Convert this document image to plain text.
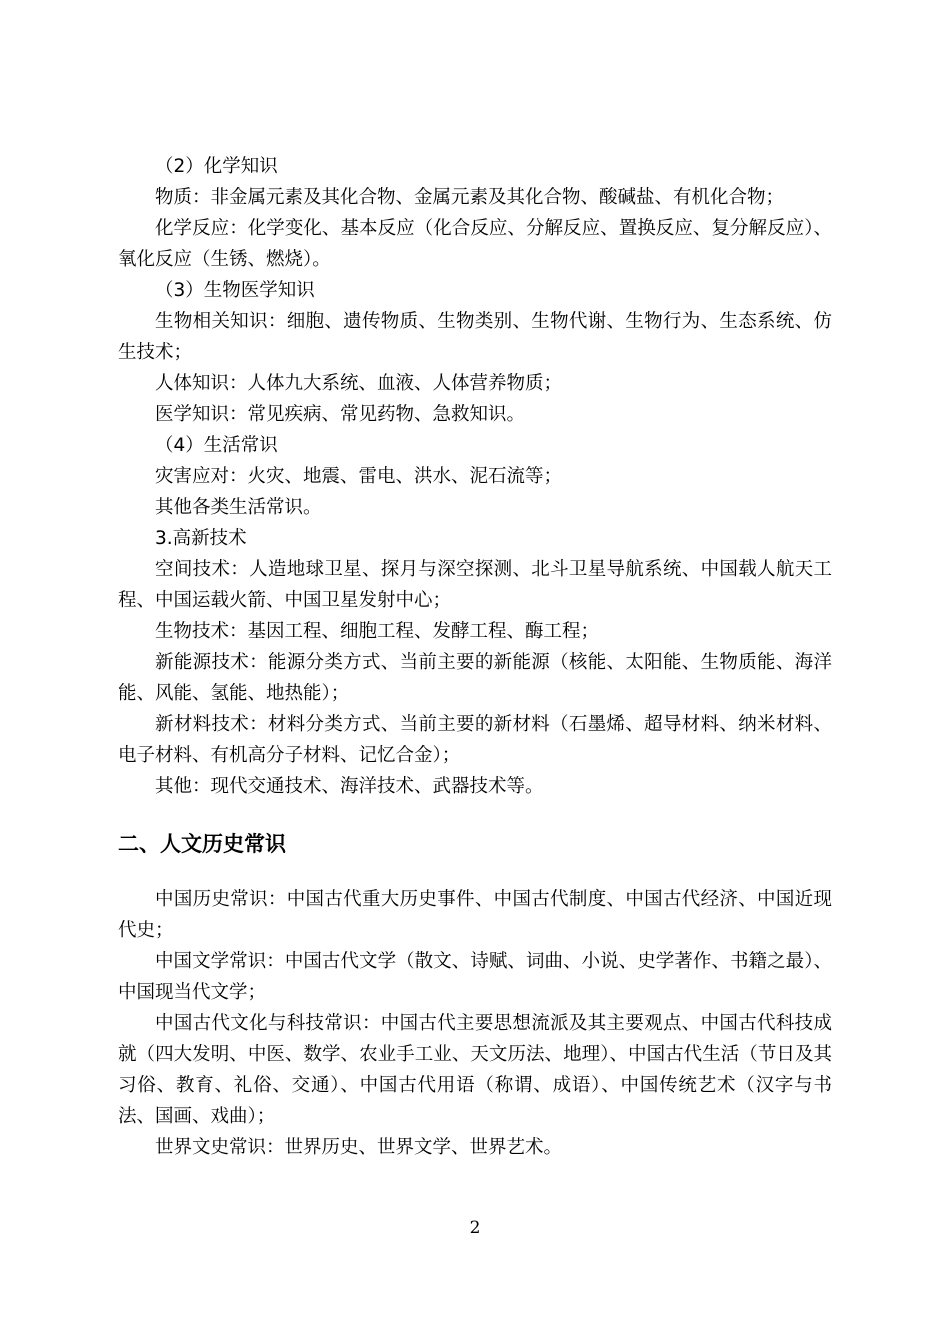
（2）化学知识

物质：非金属元素及其化合物、金属元素及其化合物、酸碱盐、有机化合物；

化学反应：化学变化、基本反应（化合反应、分解反应、置换反应、复分解反应）、氧化反应（生锈、燃烧）。

（3）生物医学知识

生物相关知识：细胞、遗传物质、生物类别、生物代谢、生物行为、生态系统、仿生技术；

人体知识：人体九大系统、血液、人体营养物质；

医学知识：常见疾病、常见药物、急救知识。

（4）生活常识

灾害应对：火灾、地震、雷电、洪水、泥石流等；

其他各类生活常识。

3.高新技术

空间技术：人造地球卫星、探月与深空探测、北斗卫星导航系统、中国载人航天工程、中国运载火箭、中国卫星发射中心；

生物技术：基因工程、细胞工程、发酵工程、酶工程；

新能源技术：能源分类方式、当前主要的新能源（核能、太阳能、生物质能、海洋能、风能、氢能、地热能）；

新材料技术：材料分类方式、当前主要的新材料（石墨烯、超导材料、纳米材料、电子材料、有机高分子材料、记忆合金）；

其他：现代交通技术、海洋技术、武器技术等。

二、人文历史常识

中国历史常识：中国古代重大历史事件、中国古代制度、中国古代经济、中国近现代史；

中国文学常识：中国古代文学（散文、诗赋、词曲、小说、史学著作、书籍之最）、中国现当代文学；

中国古代文化与科技常识：中国古代主要思想流派及其主要观点、中国古代科技成就（四大发明、中医、数学、农业手工业、天文历法、地理）、中国古代生活（节日及其习俗、教育、礼俗、交通）、中国古代用语（称谓、成语）、中国传统艺术（汉字与书法、国画、戏曲）；

世界文史常识：世界历史、世界文学、世界艺术。

2
